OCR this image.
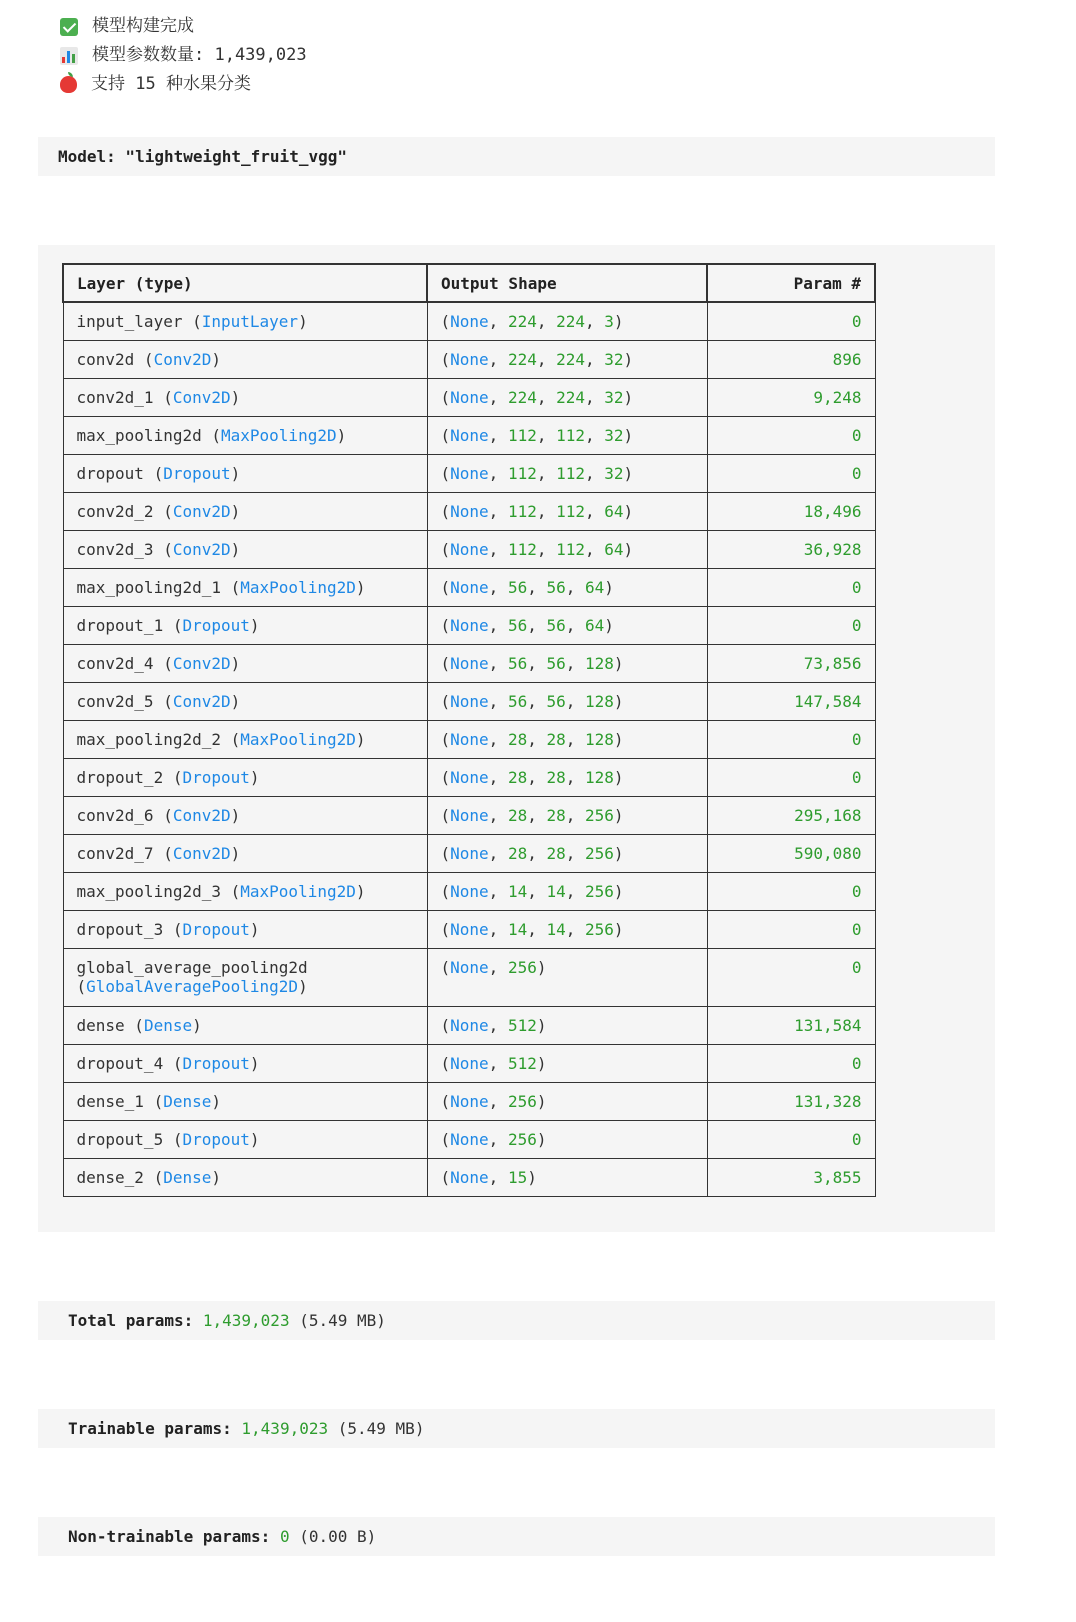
模型构建完成
模型参数数量: 1,439,023
支持 15 种水果分类
Model: "lightweight_fruit_vgg"
Layer (type)	Output Shape	Param #
input_layer (InputLayer)	(None, 224, 224, 3)	0
conv2d (Conv2D)	(None, 224, 224, 32)	896
conv2d_1 (Conv2D)	(None, 224, 224, 32)	9,248
max_pooling2d (MaxPooling2D)	(None, 112, 112, 32)	0
dropout (Dropout)	(None, 112, 112, 32)	0
conv2d_2 (Conv2D)	(None, 112, 112, 64)	18,496
conv2d_3 (Conv2D)	(None, 112, 112, 64)	36,928
max_pooling2d_1 (MaxPooling2D)	(None, 56, 56, 64)	0
dropout_1 (Dropout)	(None, 56, 56, 64)	0
conv2d_4 (Conv2D)	(None, 56, 56, 128)	73,856
conv2d_5 (Conv2D)	(None, 56, 56, 128)	147,584
max_pooling2d_2 (MaxPooling2D)	(None, 28, 28, 128)	0
dropout_2 (Dropout)	(None, 28, 28, 128)	0
conv2d_6 (Conv2D)	(None, 28, 28, 256)	295,168
conv2d_7 (Conv2D)	(None, 28, 28, 256)	590,080
max_pooling2d_3 (MaxPooling2D)	(None, 14, 14, 256)	0
dropout_3 (Dropout)	(None, 14, 14, 256)	0
global_average_pooling2d
(GlobalAveragePooling2D)	(None, 256)	0
dense (Dense)	(None, 512)	131,584
dropout_4 (Dropout)	(None, 512)	0
dense_1 (Dense)	(None, 256)	131,328
dropout_5 (Dropout)	(None, 256)	0
dense_2 (Dense)	(None, 15)	3,855
Total params: 1,439,023 (5.49 MB)
Trainable params: 1,439,023 (5.49 MB)
Non-trainable params: 0 (0.00 B)
